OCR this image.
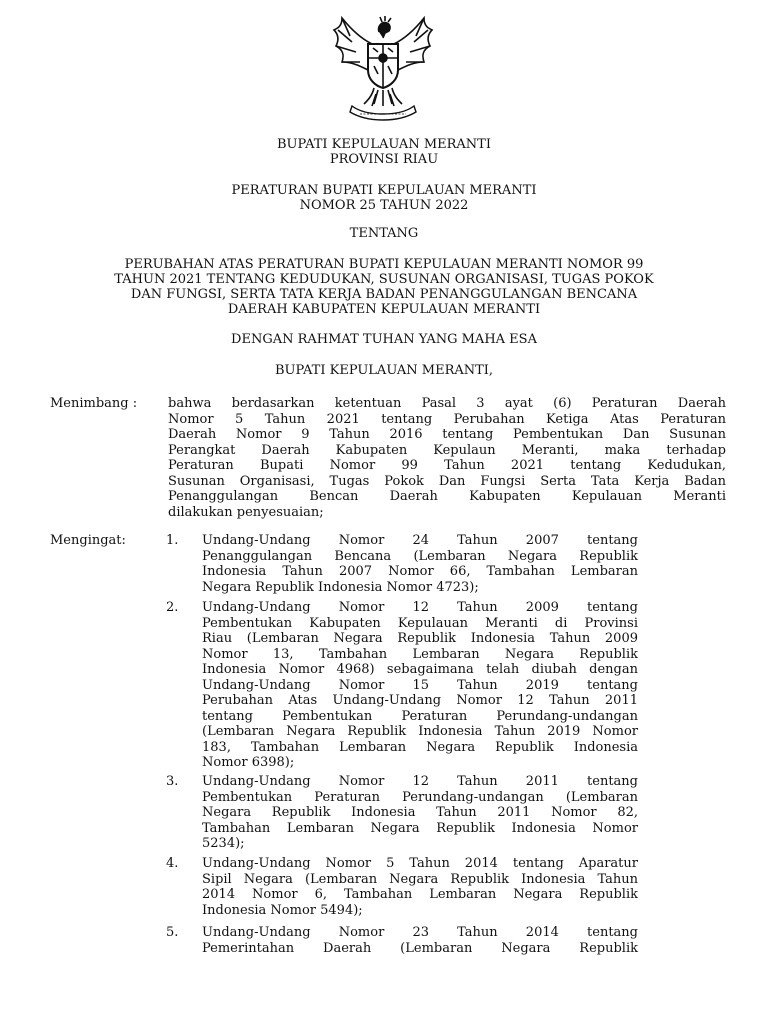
BUPATI KEPULAUAN MERANTI
PROVINSI RIAU
PERATURAN BUPATI KEPULAUAN MERANTI
NOMOR 25 TAHUN 2022
TENTANG
PERUBAHAN ATAS PERATURAN BUPATI KEPULAUAN MERANTI NOMOR 99
TAHUN 2021 TENTANG KEDUDUKAN, SUSUNAN ORGANISASI, TUGAS POKOK
DAN FUNGSI, SERTA TATA KERJA BADAN PENANGGULANGAN BENCANA
DAERAH KABUPATEN KEPULAUAN MERANTI
DENGAN RAHMAT TUHAN YANG MAHA ESA
BUPATI KEPULAUAN MERANTI,
Menimbang : bahwa berdasarkan ketentuan Pasal 3 ayat (6) Peraturan Daerah
Nomor 5 Tahun 2021 tentang Perubahan Ketiga Atas Peraturan
Daerah Nomor 9 Tahun 2016 tentang Pembentukan Dan Susunan
Perangkat Daerah Kabupaten Kepulaun Meranti, maka terhadap
Peraturan Bupati Nomor 99 Tahun 2021 tentang Kedudukan,
Susunan Organisasi, Tugas Pokok Dan Fungsi Serta Tata Kerja Badan
Penanggulangan Bencan Daerah Kabupaten Kepulauan Meranti
dilakukan penyesuaian;
Mengingat:	1. Undang-Undang Nomor 24 Tahun 2007 tentang
Penanggulangan Bencana (Lembaran Negara Republik
Indonesia Tahun 2007 Nomor 66, Tambahan Lembaran
Negara Republik Indonesia Nomor 4723);
2. Undang-Undang Nomor 12 Tahun 2009 tentang
Pembentukan Kabupaten Kepulauan Meranti di Provinsi
Riau (Lembaran Negara Republik Indonesia Tahun 2009
Nomor 13, Tambahan Lembaran Negara Republik
Indonesia Nomor 4968) sebagaimana telah diubah dengan
Undang-Undang Nomor 15 Tahun 2019 tentang
Perubahan Atas Undang-Undang Nomor 12 Tahun 2011
tentang Pembentukan Peraturan Perundang-undangan
(Lembaran Negara Republik Indonesia Tahun 2019 Nomor
183, Tambahan Lembaran Negara Republik Indonesia
Nomor 6398);
3. Undang-Undang Nomor 12 Tahun 2011 tentang
Pembentukan Peraturan Perundang-undangan (Lembaran
Negara Republik Indonesia Tahun 2011 Nomor 82,
Tambahan Lembaran Negara Republik Indonesia Nomor
5234);
4. Undang-Undang Nomor 5 Tahun 2014 tentang Aparatur
Sipil Negara (Lembaran Negara Republik Indonesia Tahun
2014 Nomor 6, Tambahan Lembaran Negara Republik
Indonesia Nomor 5494);
5. Undang-Undang Nomor 23 Tahun 2014 tentang
Pemerintahan Daerah (Lembaran Negara Republik
